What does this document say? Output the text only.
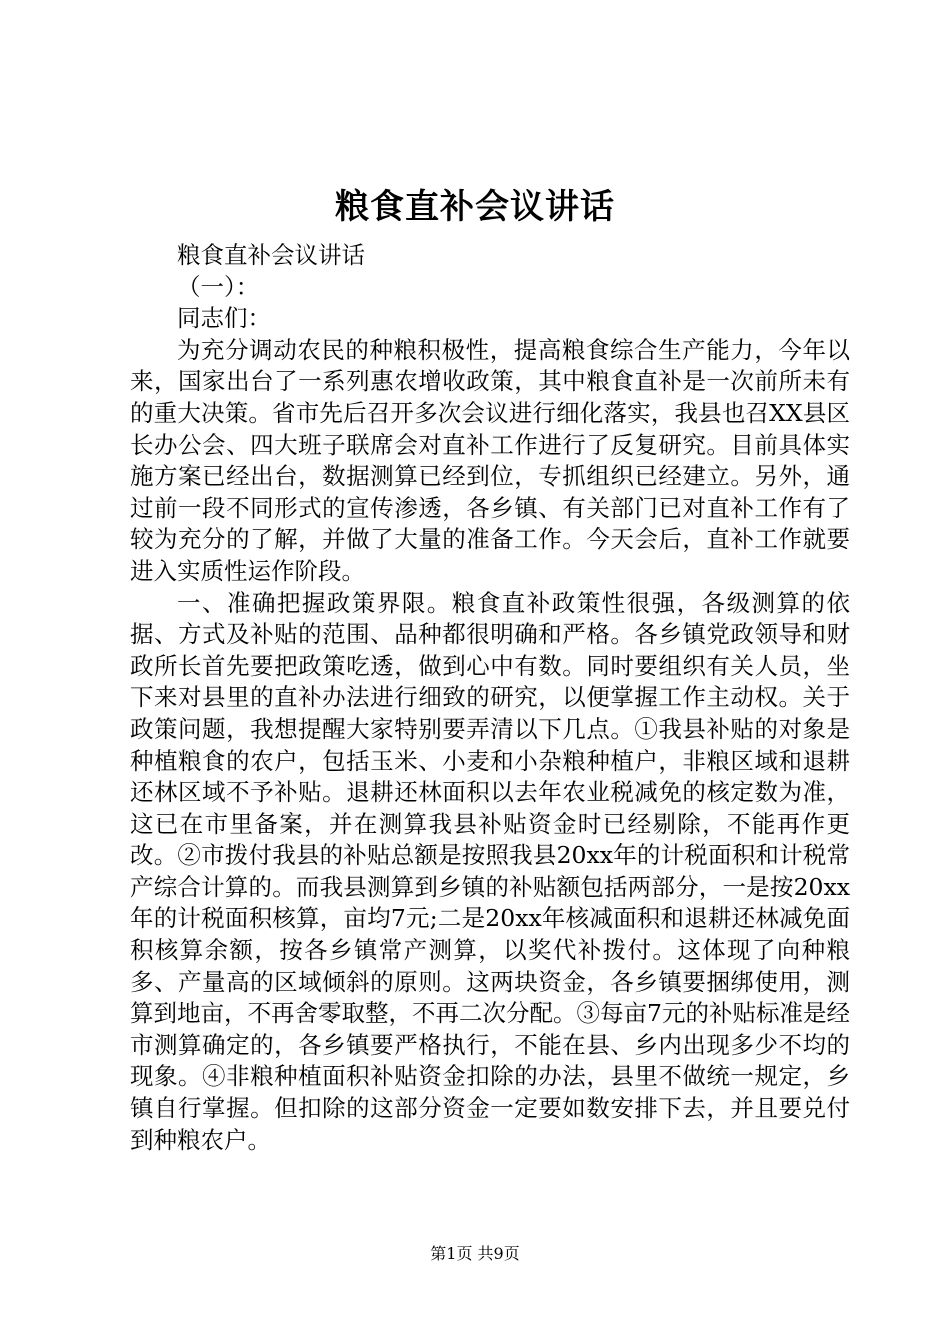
粮食直补会议讲话

粮食直补会议讲话

（一）：

同志们：

为充分调动农民的种粮积极性，提高粮食综合生产能力，今年以来，国家出台了一系列惠农增收政策，其中粮食直补是一次前所未有的重大决策。省市先后召开多次会议进行细化落实，我县也召XX县区长办公会、四大班子联席会对直补工作进行了反复研究。目前具体实施方案已经出台，数据测算已经到位，专抓组织已经建立。另外，通过前一段不同形式的宣传渗透，各乡镇、有关部门已对直补工作有了较为充分的了解，并做了大量的准备工作。今天会后，直补工作就要进入实质性运作阶段。

一、准确把握政策界限。粮食直补政策性很强，各级测算的依据、方式及补贴的范围、品种都很明确和严格。各乡镇党政领导和财政所长首先要把政策吃透，做到心中有数。同时要组织有关人员，坐下来对县里的直补办法进行细致的研究，以便掌握工作主动权。关于政策问题，我想提醒大家特别要弄清以下几点。①我县补贴的对象是种植粮食的农户，包括玉米、小麦和小杂粮种植户，非粮区域和退耕还林区域不予补贴。退耕还林面积以去年农业税减免的核定数为准，这已在市里备案，并在测算我县补贴资金时已经剔除，不能再作更改。②市拨付我县的补贴总额是按照我县20xx年的计税面积和计税常产综合计算的。而我县测算到乡镇的补贴额包括两部分，一是按20xx年的计税面积核算，亩均7元;二是20xx年核减面积和退耕还林减免面积核算余额，按各乡镇常产测算，以奖代补拨付。这体现了向种粮多、产量高的区域倾斜的原则。这两块资金，各乡镇要捆绑使用，测算到地亩，不再舍零取整，不再二次分配。③每亩7元的补贴标准是经市测算确定的，各乡镇要严格执行，不能在县、乡内出现多少不均的现象。④非粮种植面积补贴资金扣除的办法，县里不做统一规定，乡镇自行掌握。但扣除的这部分资金一定要如数安排下去，并且要兑付到种粮农户。

第1页 共9页
